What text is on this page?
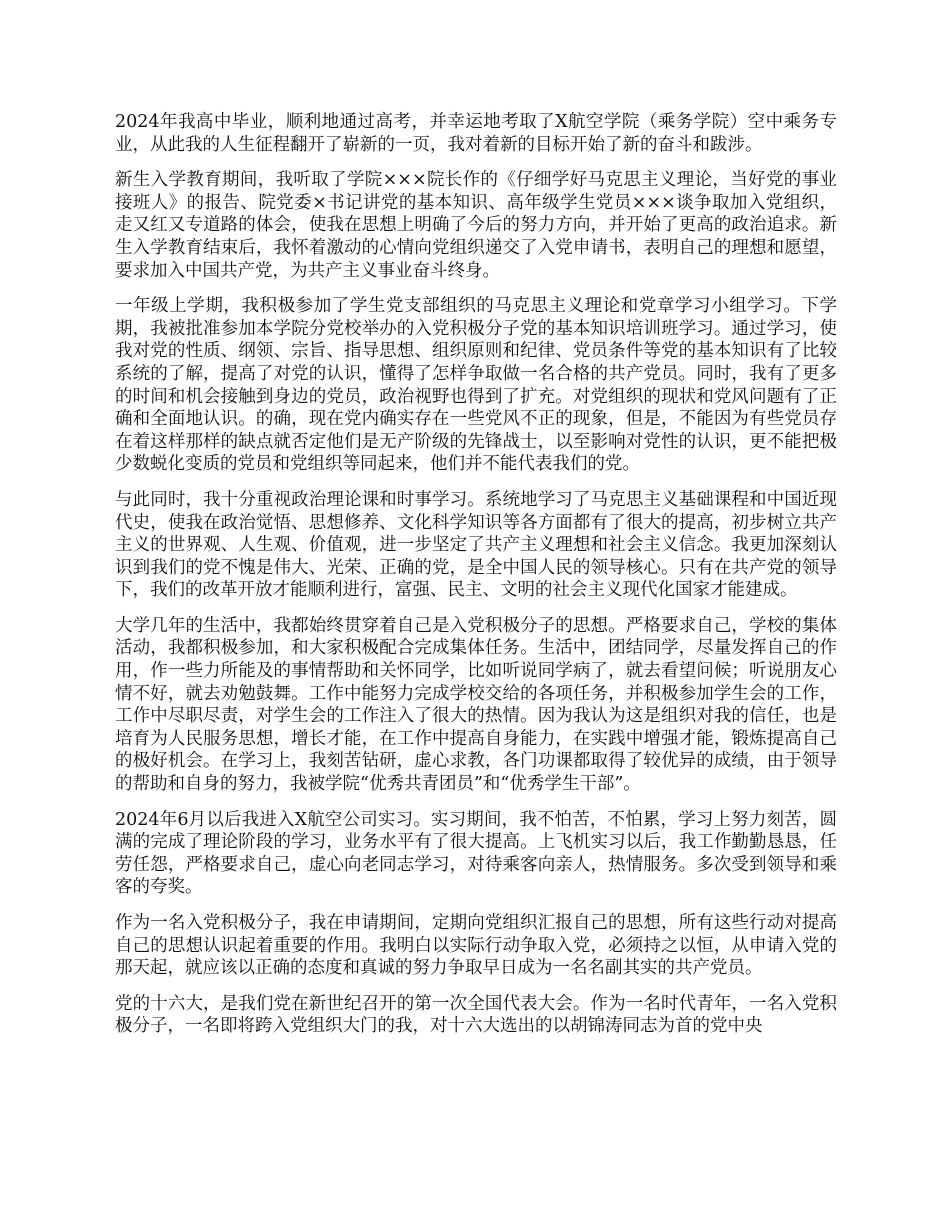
2024年我高中毕业，顺利地通过高考，并幸运地考取了X航空学院（乘务学院）空中乘务专业，从此我的人生征程翻开了崭新的一页，我对着新的目标开始了新的奋斗和跋涉。

新生入学教育期间，我听取了学院×××院长作的《仔细学好马克思主义理论，当好党的事业接班人》的报告、院党委×书记讲党的基本知识、高年级学生党员×××谈争取加入党组织，走又红又专道路的体会，使我在思想上明确了今后的努力方向，并开始了更高的政治追求。新生入学教育结束后，我怀着激动的心情向党组织递交了入党申请书，表明自己的理想和愿望，要求加入中国共产党，为共产主义事业奋斗终身。

一年级上学期，我积极参加了学生党支部组织的马克思主义理论和党章学习小组学习。下学期，我被批准参加本学院分党校举办的入党积极分子党的基本知识培训班学习。通过学习，使我对党的性质、纲领、宗旨、指导思想、组织原则和纪律、党员条件等党的基本知识有了比较系统的了解，提高了对党的认识，懂得了怎样争取做一名合格的共产党员。同时，我有了更多的时间和机会接触到身边的党员，政治视野也得到了扩充。对党组织的现状和党风问题有了正确和全面地认识。的确，现在党内确实存在一些党风不正的现象，但是，不能因为有些党员存在着这样那样的缺点就否定他们是无产阶级的先锋战士，以至影响对党性的认识，更不能把极少数蜕化变质的党员和党组织等同起来，他们并不能代表我们的党。

与此同时，我十分重视政治理论课和时事学习。系统地学习了马克思主义基础课程和中国近现代史，使我在政治觉悟、思想修养、文化科学知识等各方面都有了很大的提高，初步树立共产主义的世界观、人生观、价值观，进一步坚定了共产主义理想和社会主义信念。我更加深刻认识到我们的党不愧是伟大、光荣、正确的党，是全中国人民的领导核心。只有在共产党的领导下，我们的改革开放才能顺利进行，富强、民主、文明的社会主义现代化国家才能建成。

大学几年的生活中，我都始终贯穿着自己是入党积极分子的思想。严格要求自己，学校的集体活动，我都积极参加，和大家积极配合完成集体任务。生活中，团结同学，尽量发挥自己的作用，作一些力所能及的事情帮助和关怀同学，比如听说同学病了，就去看望问候；听说朋友心情不好，就去劝勉鼓舞。工作中能努力完成学校交给的各项任务，并积极参加学生会的工作，工作中尽职尽责，对学生会的工作注入了很大的热情。因为我认为这是组织对我的信任，也是培育为人民服务思想，增长才能，在工作中提高自身能力，在实践中增强才能，锻炼提高自己的极好机会。在学习上，我刻苦钻研，虚心求教，各门功课都取得了较优异的成绩，由于领导的帮助和自身的努力，我被学院“优秀共青团员”和“优秀学生干部”。

2024年6月以后我进入X航空公司实习。实习期间，我不怕苦，不怕累，学习上努力刻苦，圆满的完成了理论阶段的学习，业务水平有了很大提高。上飞机实习以后，我工作勤勤恳恳，任劳任怨，严格要求自己，虚心向老同志学习，对待乘客向亲人，热情服务。多次受到领导和乘客的夸奖。

作为一名入党积极分子，我在申请期间，定期向党组织汇报自己的思想，所有这些行动对提高自己的思想认识起着重要的作用。我明白以实际行动争取入党，必须持之以恒，从申请入党的那天起，就应该以正确的态度和真诚的努力争取早日成为一名名副其实的共产党员。

党的十六大，是我们党在新世纪召开的第一次全国代表大会。作为一名时代青年，一名入党积极分子，一名即将跨入党组织大门的我，对十六大选出的以胡锦涛同志为首的党中央
